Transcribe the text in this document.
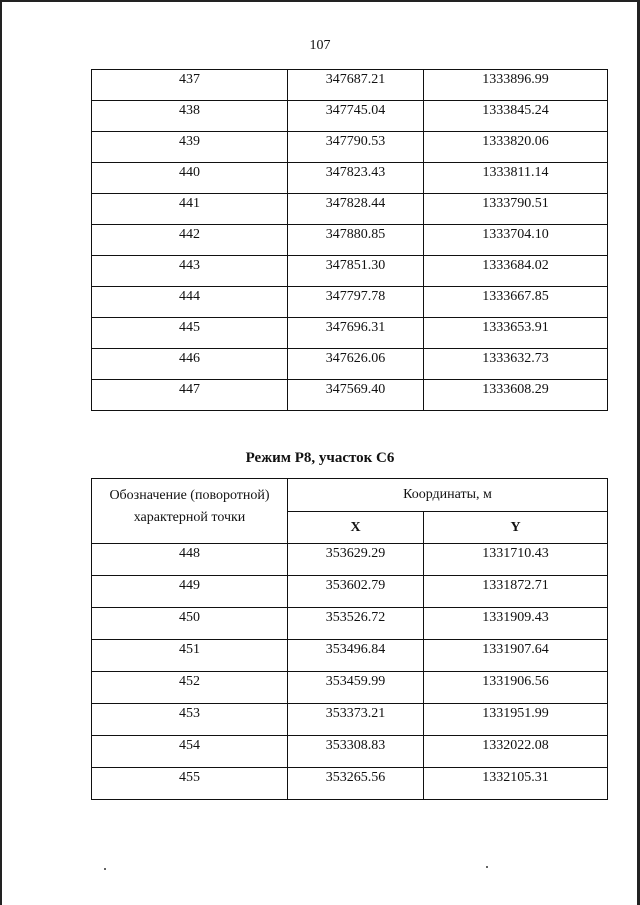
107
437	347687.21	1333896.99
438	347745.04	1333845.24
439	347790.53	1333820.06
440	347823.43	1333811.14
441	347828.44	1333790.51
442	347880.85	1333704.10
443	347851.30	1333684.02
444	347797.78	1333667.85
445	347696.31	1333653.91
446	347626.06	1333632.73
447	347569.40	1333608.29
Режим Р8, участок С6
Обозначение (поворотной) характерной точки	Координаты, м	
	X	Y
448	353629.29	1331710.43
449	353602.79	1331872.71
450	353526.72	1331909.43
451	353496.84	1331907.64
452	353459.99	1331906.56
453	353373.21	1331951.99
454	353308.83	1332022.08
455	353265.56	1332105.31
